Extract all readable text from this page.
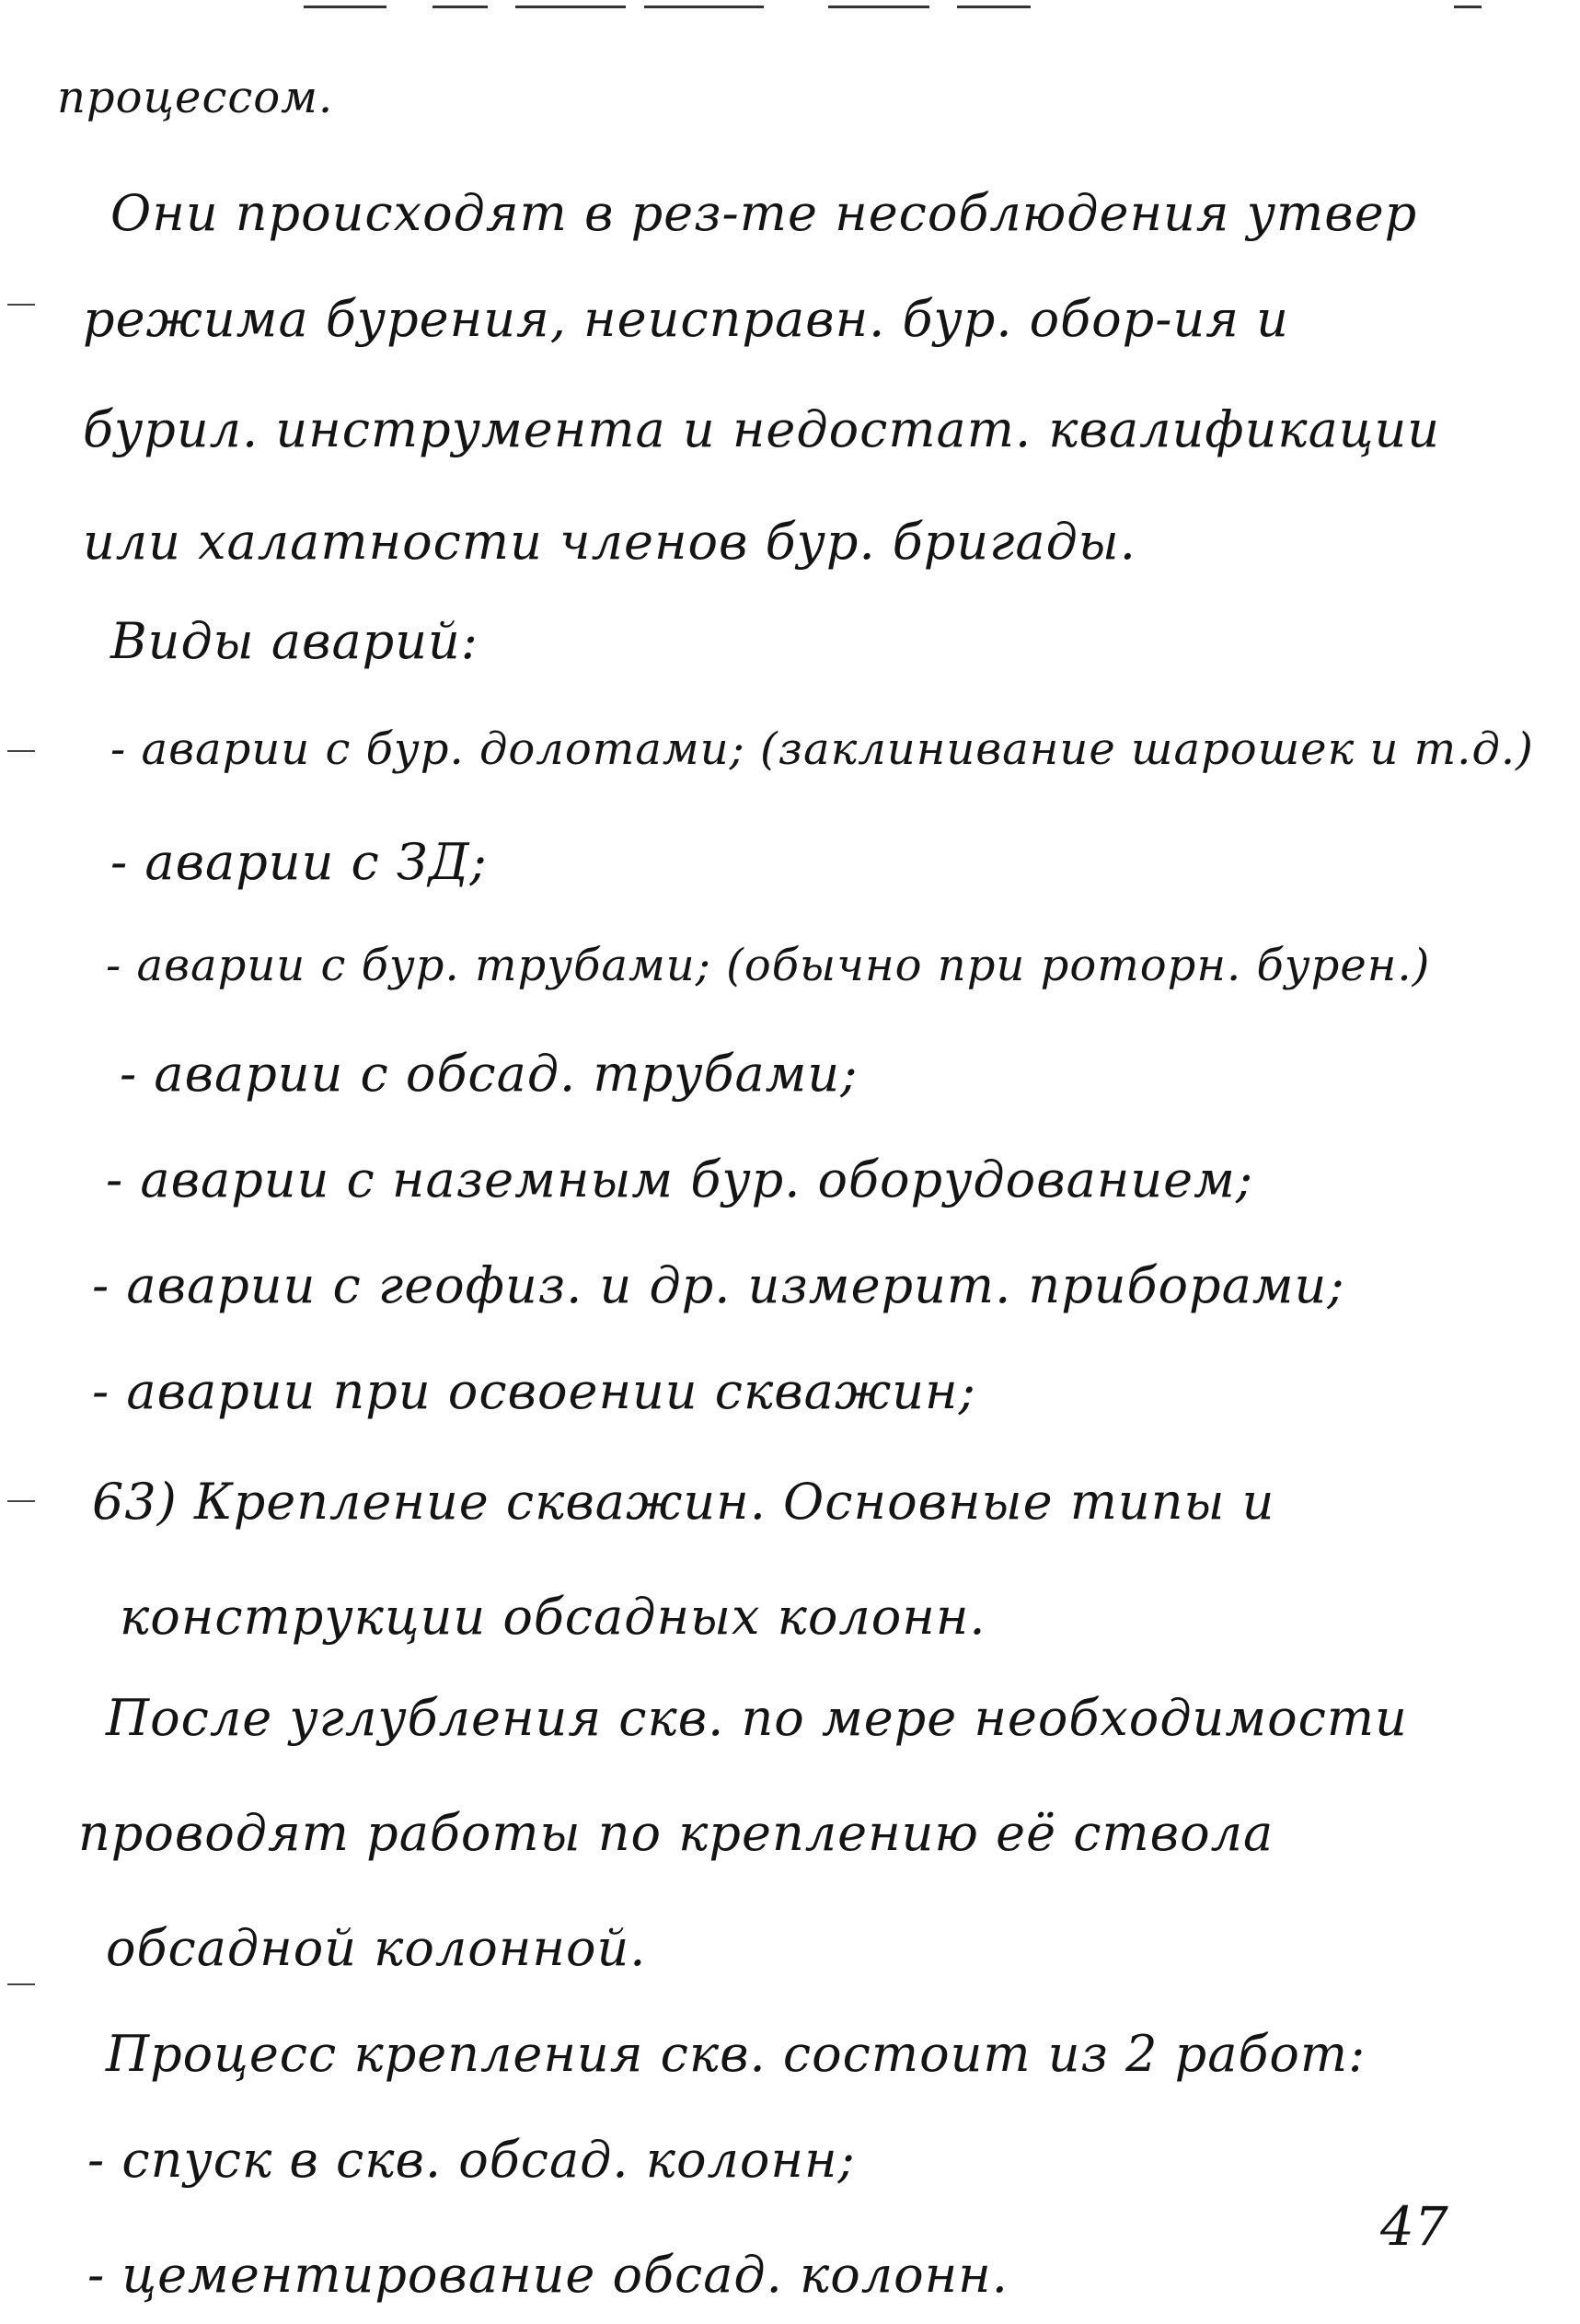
процессом.
Они происходят в рез-те несоблюдения утвер
режима бурения, неисправн. бур. обор-ия и
бурил. инструмента и недостат. квалификации
или халатности членов бур. бригады.
Виды аварий:
- аварии с бур. долотами; (заклинивание шарошек и т.д.)
- аварии с ЗД;
- аварии с бур. трубами; (обычно при роторн. бурен.)
- аварии с обсад. трубами;
- аварии с наземным бур. оборудованием;
- аварии с геофиз. и др. измерит. приборами;
- аварии при освоении скважин;
63) Крепление скважин. Основные типы и
конструкции обсадных колонн.
После углубления скв. по мере необходимости
проводят работы по креплению её ствола
обсадной колонной.
Процесс крепления скв. состоит из 2 работ:
- спуск в скв. обсад. колонн;
- цементирование обсад. колонн.
47
